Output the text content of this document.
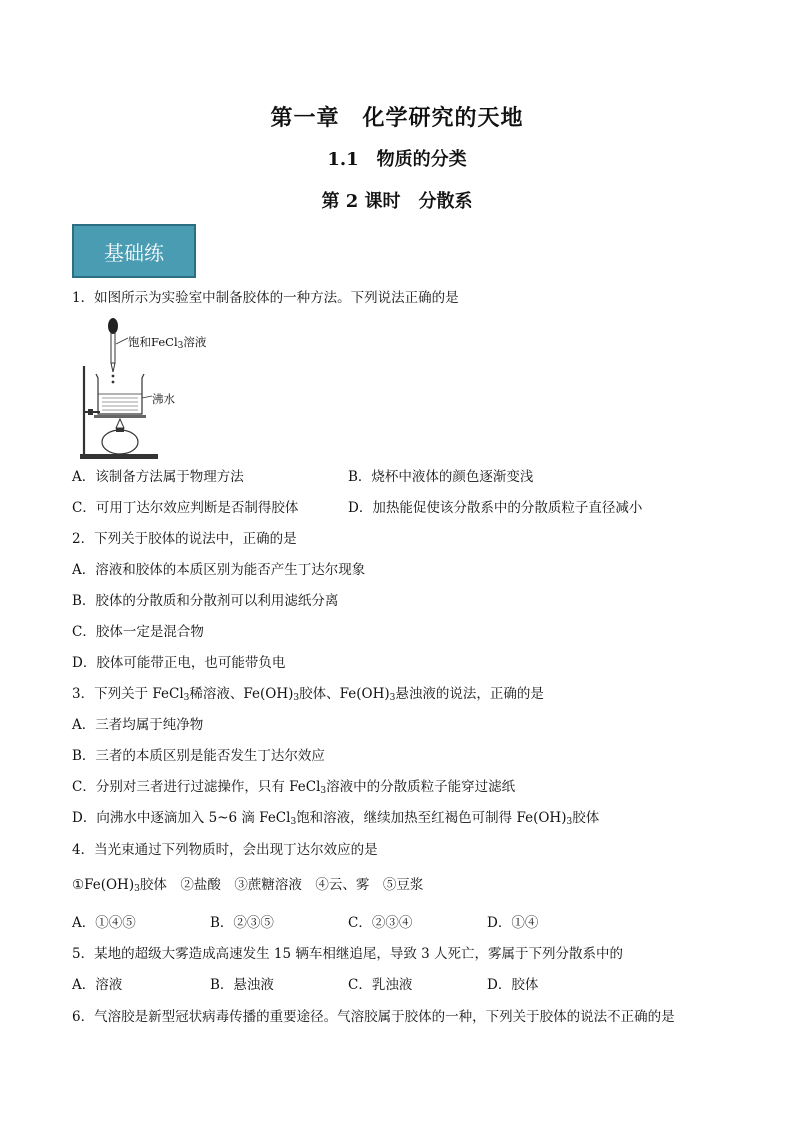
第一章　化学研究的天地
1.1　物质的分类
第 2 课时　分散系
基础练
1．如图所示为实验室中制备胶体的一种方法。下列说法正确的是
饱和FeCl$_3$溶液
沸水
A．该制备方法属于物理方法	B．烧杯中液体的颜色逐渐变浅
C．可用丁达尔效应判断是否制得胶体	D．加热能促使该分散系中的分散质粒子直径减小
2．下列关于胶体的说法中，正确的是
A．溶液和胶体的本质区别为能否产生丁达尔现象
B．胶体的分散质和分散剂可以利用滤纸分离
C．胶体一定是混合物
D．胶体可能带正电，也可能带负电
3．下列关于 FeCl$_3$稀溶液、$Fe(OH)_3$胶体、$Fe(OH)_3$悬浊液的说法，正确的是
A．三者均属于纯净物
B．三者的本质区别是能否发生丁达尔效应
C．分别对三者进行过滤操作，只有 FeCl$_3$溶液中的分散质粒子能穿过滤纸
D．向沸水中逐滴加入 5~6 滴 FeCl$_3$饱和溶液，继续加热至红褐色可制得 $Fe(OH)_3$胶体
4．当光束通过下列物质时，会出现丁达尔效应的是
$①Fe(OH)_3$胶体　②盐酸　③蔗糖溶液　④云、雾　⑤豆浆
A．①④⑤	B．②③⑤	C．②③④	D．①④
5．某地的超级大雾造成高速发生 15 辆车相继追尾，导致 3 人死亡，雾属于下列分散系中的
A．溶液	B．悬浊液	C．乳浊液	D．胶体
6．气溶胶是新型冠状病毒传播的重要途径。气溶胶属于胶体的一种，下列关于胶体的说法不正确的是
